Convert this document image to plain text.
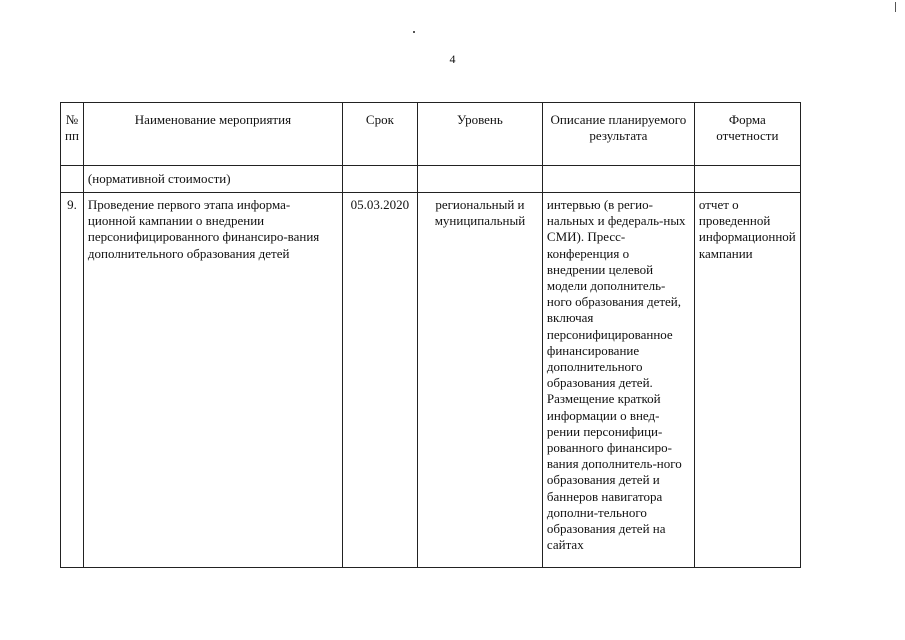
4
№ пп	Наименование мероприятия	Срок	Уровень	Описание планируемого результата	Форма отчетности
	(нормативной стоимости)				
9.	Проведение первого этапа информа-ционной кампании о внедрении персонифицированного финансиро-вания дополнительного образования детей	05.03.2020	региональный и муниципальный	интервью (в регио-нальных и федераль-ных СМИ). Пресс-конференция о внедрении целевой модели дополнитель-ного образования детей, включая персонифицированное финансирование дополнительного образования детей. Размещение краткой информации о внед-рении персонифици-рованного финансиро-вания дополнитель-ного образования детей и баннеров навигатора дополни-тельного образования детей на сайтах	отчет о проведенной информационной кампании
